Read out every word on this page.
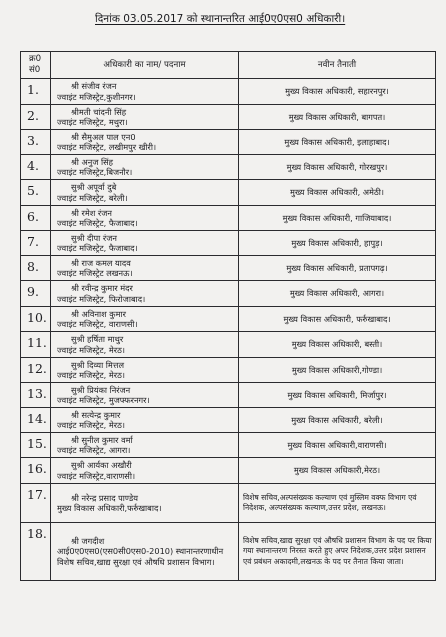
दिनांक 03.05.2017 को स्थानान्तरित आई0ए0एस0 अधिकारी।
क्र0 सं0	अधिकारी का नाम/ पदनाम	नवीन तैनाती
1.	श्री संजीव रंजन
ज्वाइंट मजिस्ट्रेट,कुशीनगर।	मुख्य विकास अधिकारी, सहारनपुर।
2.	श्रीमती चांदनी सिंह
ज्वाइंट मजिस्ट्रेट, मथुरा।	मुख्य विकास अधिकारी, बागपत।
3.	श्री सैमुअल पाल एन0
ज्वाइंट मजिस्ट्रेट, लखीमपुर खीरी।	मुख्य विकास अधिकारी, इलाहाबाद।
4.	श्री अनुज सिंह
ज्वाइंट मजिस्ट्रेट,बिजनौर।	मुख्य विकास अधिकारी, गोरखपुर।
5.	सुश्री अपूर्वा दुबे
ज्वाइंट मजिस्ट्रेट, बरेली।	मुख्य विकास अधिकारी, अमेठी।
6.	श्री रमेश रंजन
ज्वाइंट मजिस्ट्रेट, फैजाबाद।	मुख्य विकास अधिकारी, गाजियाबाद।
7.	सुश्री दीपा रंजन
ज्वाइंट मजिस्ट्रेट, फैजाबाद।	मुख्य विकास अधिकारी, हापुड़।
8.	श्री राज कमल यादव
ज्वाइंट मजिस्ट्रेट लखनऊ।	मुख्य विकास अधिकारी, प्रतापगढ़।
9.	श्री रवीन्द्र कुमार मंदर
ज्वाइंट मजिस्ट्रेट, फिरोजाबाद।	मुख्य विकास अधिकारी, आगरा।
10.	श्री अविनाश कुमार
ज्वाइंट मजिस्ट्रेट, वाराणसी।	मुख्य विकास अधिकारी, फर्रुखाबाद।
11.	सुश्री हर्षिता माथुर
ज्वाइंट मजिस्ट्रेट, मेरठ।	मुख्य विकास अधिकारी, बस्ती।
12.	सुश्री दिव्या मित्तल
ज्वाइंट मजिस्ट्रेट, मेरठ।	मुख्य विकास अधिकारी,गोण्डा।
13.	सुश्री प्रियंका निरंजन
ज्वाइंट मजिस्ट्रेट, मुजफ्फरनगर।	मुख्य विकास अधिकारी, मिर्जापुर।
14.	श्री सत्येन्द्र कुमार
ज्वाइंट मजिस्ट्रेट, मेरठ।	मुख्य विकास अधिकारी, बरेली।
15.	श्री सुनील कुमार वर्मा
ज्वाइंट मजिस्ट्रेट, आगरा।	मुख्य विकास अधिकारी,वाराणसी।
16.	सुश्री आर्यका अखौरी
ज्वाइंट मजिस्ट्रेट,वाराणसी।	मुख्य विकास अधिकारी,मेरठ।
17.	श्री नरेन्द्र प्रसाद पाण्डेय
मुख्य विकास अधिकारी,फर्रुखाबाद।	विशेष सचिव,अल्पसंख्यक कल्याण एवं मुस्लिम वक्फ विभाग एवं निदेशक, अल्पसंख्यक कल्याण,उत्तर प्रदेश, लखनऊ।
18.	श्री जगदीश
आई0ए0एस0(एस0सी0एस0-2010) स्थानान्तरणाधीन विशेष सचिव,खाद्य सुरक्षा एवं औषधि प्रशासन विभाग।	विशेष सचिव,खाद्य सुरक्षा एवं औषधि प्रशासन विभाग के पद पर किया गया स्थानान्तरण निरस्त करते हुए अपर निदेशक,उत्तर प्रदेश प्रशासन एवं प्रबंधन अकादमी,लखनऊ के पद पर तैनात किया जाता।
